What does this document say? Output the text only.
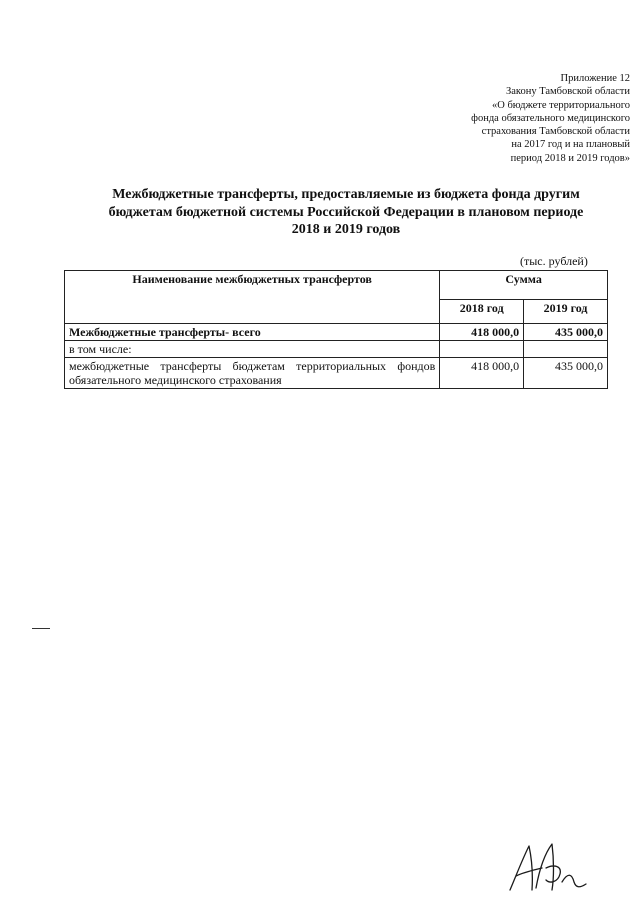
Приложение 12
Закону Тамбовской области
«О бюджете территориального
фонда обязательного медицинского
страхования Тамбовской области
на 2017 год и на плановый
период 2018 и 2019 годов»
Межбюджетные трансферты, предоставляемые из бюджета фонда другим
бюджетам бюджетной системы Российской Федерации в плановом периоде
2018 и 2019 годов
(тыс. рублей)
Наименование межбюджетных трансфертов	Сумма	
	2018 год	2019 год
Межбюджетные трансферты- всего	418 000,0	435 000,0
в том числе:		
межбюджетные трансферты бюджетам территориальных фондов обязательного медицинского страхования	418 000,0	435 000,0
